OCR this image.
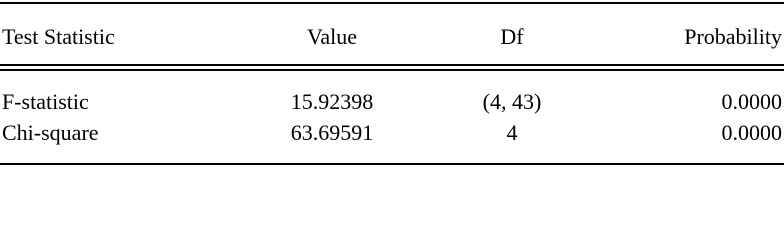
Test Statistic	Value	Df	Probability
F-statistic	15.92398	(4, 43)	0.0000
Chi-square	63.69591	4	0.0000
